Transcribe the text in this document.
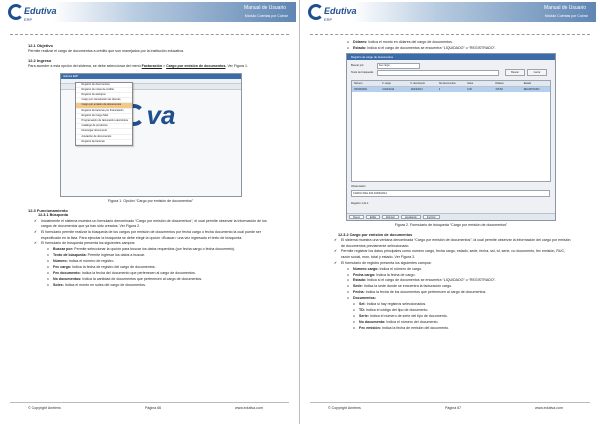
Edutiva
ERP
Manual de Usuario
Módulo Cuentas por Cobrar
12.1 Objetivo

Permite realizar el cargo de documentos a crédito que son manejados por la institución educativa.

12.2 Ingreso

Para acceder a esta opción del sistema, se debe seleccionar del menú Facturación > Cargo por emisión de documentos. Ver Figura 1.

Edutiva ERP
va
Registro de documentos
Registro de notas de crédito
Registro de anticipos
Cargo por cancelación de clientes
Cargo por emisión de documentos
Registro de facturas por financiación
Registro de Cargo Más
Programación de facturación electrónica
Catálogo de productos
Descargar documento
Anulación de documentos
Registro de facturas
Figura 1. Opción “Cargo por emisión de documentos”
12.3 Funcionamiento
12.3.1 Búsqueda
✔ Inicialmente el sistema muestra un formulario denominado “Cargo por emisión de documentos”, el cual permite observar la información de los cargos de documentos que ya han sido creados. Ver Figura 2.
✔ El formulario permite realizar la búsqueda de los cargos por emisión de documentos por fecha cargo o fecha documento la cual puede ser especificado en la lista. Para ejecutar la búsqueda se debe elegir la opción <Buscar> una vez ingresado el texto de búsqueda.
✔ El formulario de búsqueda presenta los siguientes campos:
o Buscar por: Permite seleccionar la opción para buscar los datos requeridos (por fecha cargo o fecha documento).
o Texto de búsqueda: Permite ingresar los datos a buscar.
o Número: Indica el número de registro.
o Fec cargo: Indica la fecha de registro del cargo de documentos.
o Fec documento: Indica la fecha del documento que pertenecen al cargo de documentos.
o No documentos: Indica la cantidad de documentos que pertenecen al cargo de documentos.
o Soles: Indica el monto en soles del cargo de documentos.
© Copyright Anelens	Página 66	www.edutiva.com
Edutiva
ERP
Manual de Usuario
Módulo Cuentas por Cobrar
o Dólares: Indica el monto en dólares del cargo de documentos.
o Estado: Indica si el cargo de documentos se encuentra “LIQUIDADO” o “REGISTRADO”.
Registro de cargo de documentos
Buscar por:	Fec cargo
Texto de búsqueda:	Buscar	Cerrar
Número	F. cargo	F. documento	No documentos	Soles	Dólares	Estado
0000000001	10/04/2014	10/04/2014	2	0.00	315.60	REGISTRADO
Observación
CARGO DEL DIA 10/04/2014
Registro 1 de 1
Nuevo	Editar	Eliminar	Liquidación	Imprimir
Figura 2. Formulario de búsqueda “Cargo por emisión de documentos”
12.3.2 Cargo por emisión de documentos
✔ El sistema muestra una ventana denominada “Cargo por emisión de documentos”, la cual permite observar la información del cargo por emisión de documentos previamente seleccionado.
✔ Permite registrar los datos principales como número cargo, fecha cargo, estado, sede, fecha, ssl, td, serie, no documento, fec emisión, RUC, razón social, mon, total y estado. Ver Figura 3.
✔ El formulario de registro presenta los siguientes campos:
o Número cargo: Indica el número de cargo.
o Fecha cargo: Indica la fecha de cargo.
o Estado: Indica si el cargo de documentos se encuentra “LIQUIDADO” o “REGISTRADO”.
o Sede: Indica la sede donde se encuentra la facturación cargo.
o Fecha: Indica la fecha de los documentos que pertenecen al cargo de documentos.
o Documentos:
o Sel: Indica si hay registros seleccionados.
o TD: Indica el código del tipo de documento.
o Serie: Indica el número de serie del tipo de documento.
o No documento: Indica el número del documento.
o Fec emisión: Indica la fecha de emisión del documento.
© Copyright Anelens	Página 67	www.edutiva.com
